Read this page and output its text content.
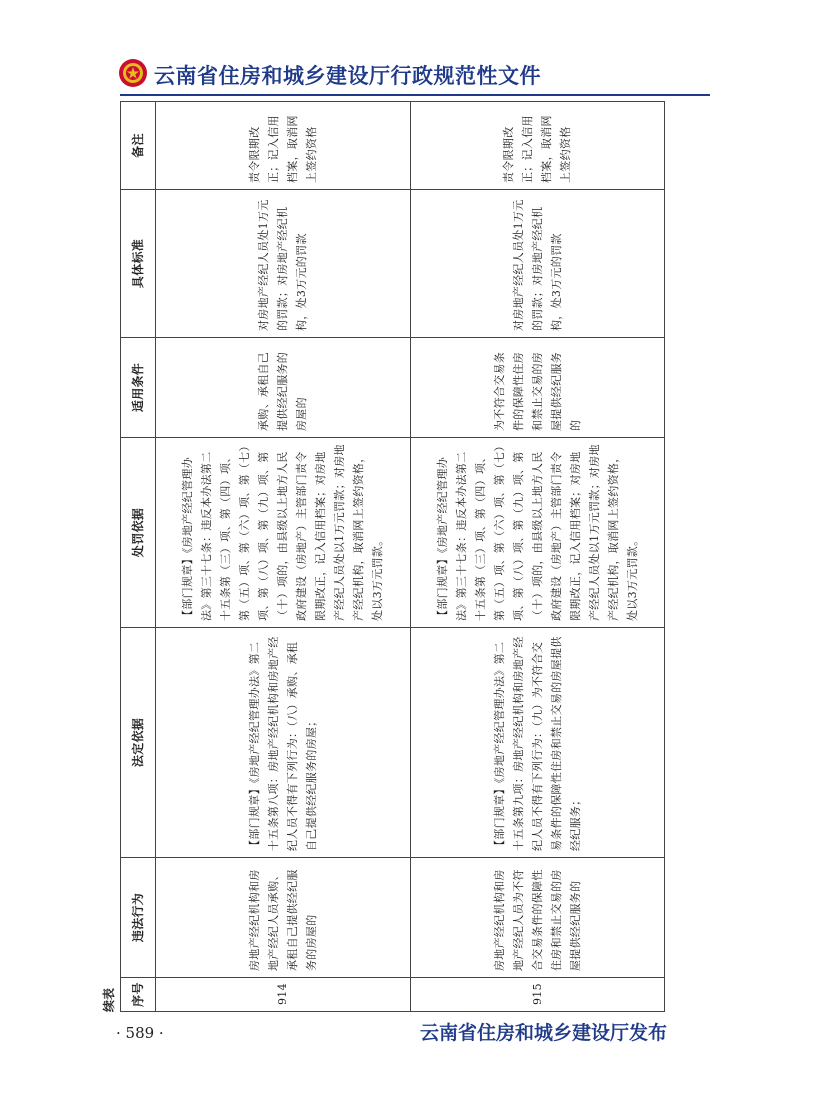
云南省住房和城乡建设厅行政规范性文件
续表 序号	违法行为	法定依据	处罚依据	适用条件	具体标准	备注
914	房地产经纪机构和房地产经纪人员承购、承租自己提供经纪服务的房屋的	【部门规章】《房地产经纪管理办法》第二十五条第八项：房地产经纪机构和房地产经纪人员不得有下列行为：（八）承购、承租自己提供经纪服务的房屋；	【部门规章】《房地产经纪管理办法》第三十七条：违反本办法第二十五条第（三）项、第（四）项、第（五）项、第（六）项、第（七）项、第（八）项、第（九）项、第（十）项的，由县级以上地方人民政府建设（房地产）主管部门责令限期改正，记入信用档案；对房地产经纪人员处以1万元罚款；对房地产经纪机构，取消网上签约资格，处以3万元罚款。	承购、承租自己提供经纪服务的房屋的	对房地产经纪人员处1万元的罚款；对房地产经纪机构，处3万元的罚款	责令限期改正；记入信用档案，取消网上签约资格
915	房地产经纪机构和房地产经纪人员为不符合交易条件的保障性住房和禁止交易的房屋提供经纪服务的	【部门规章】《房地产经纪管理办法》第二十五条第九项：房地产经纪机构和房地产经纪人员不得有下列行为：（九）为不符合交易条件的保障性住房和禁止交易的房屋提供经纪服务；	【部门规章】《房地产经纪管理办法》第三十七条：违反本办法第二十五条第（三）项、第（四）项、第（五）项、第（六）项、第（七）项、第（八）项、第（九）项、第（十）项的，由县级以上地方人民政府建设（房地产）主管部门责令限期改正，记入信用档案；对房地产经纪人员处以1万元罚款；对房地产经纪机构，取消网上签约资格，处以3万元罚款。	为不符合交易条件的保障性住房和禁止交易的房屋提供经纪服务的	对房地产经纪人员处1万元的罚款；对房地产经纪机构，处3万元的罚款	责令限期改正；记入信用档案，取消网上签约资格
· 589 ·	云南省住房和城乡建设厅发布
